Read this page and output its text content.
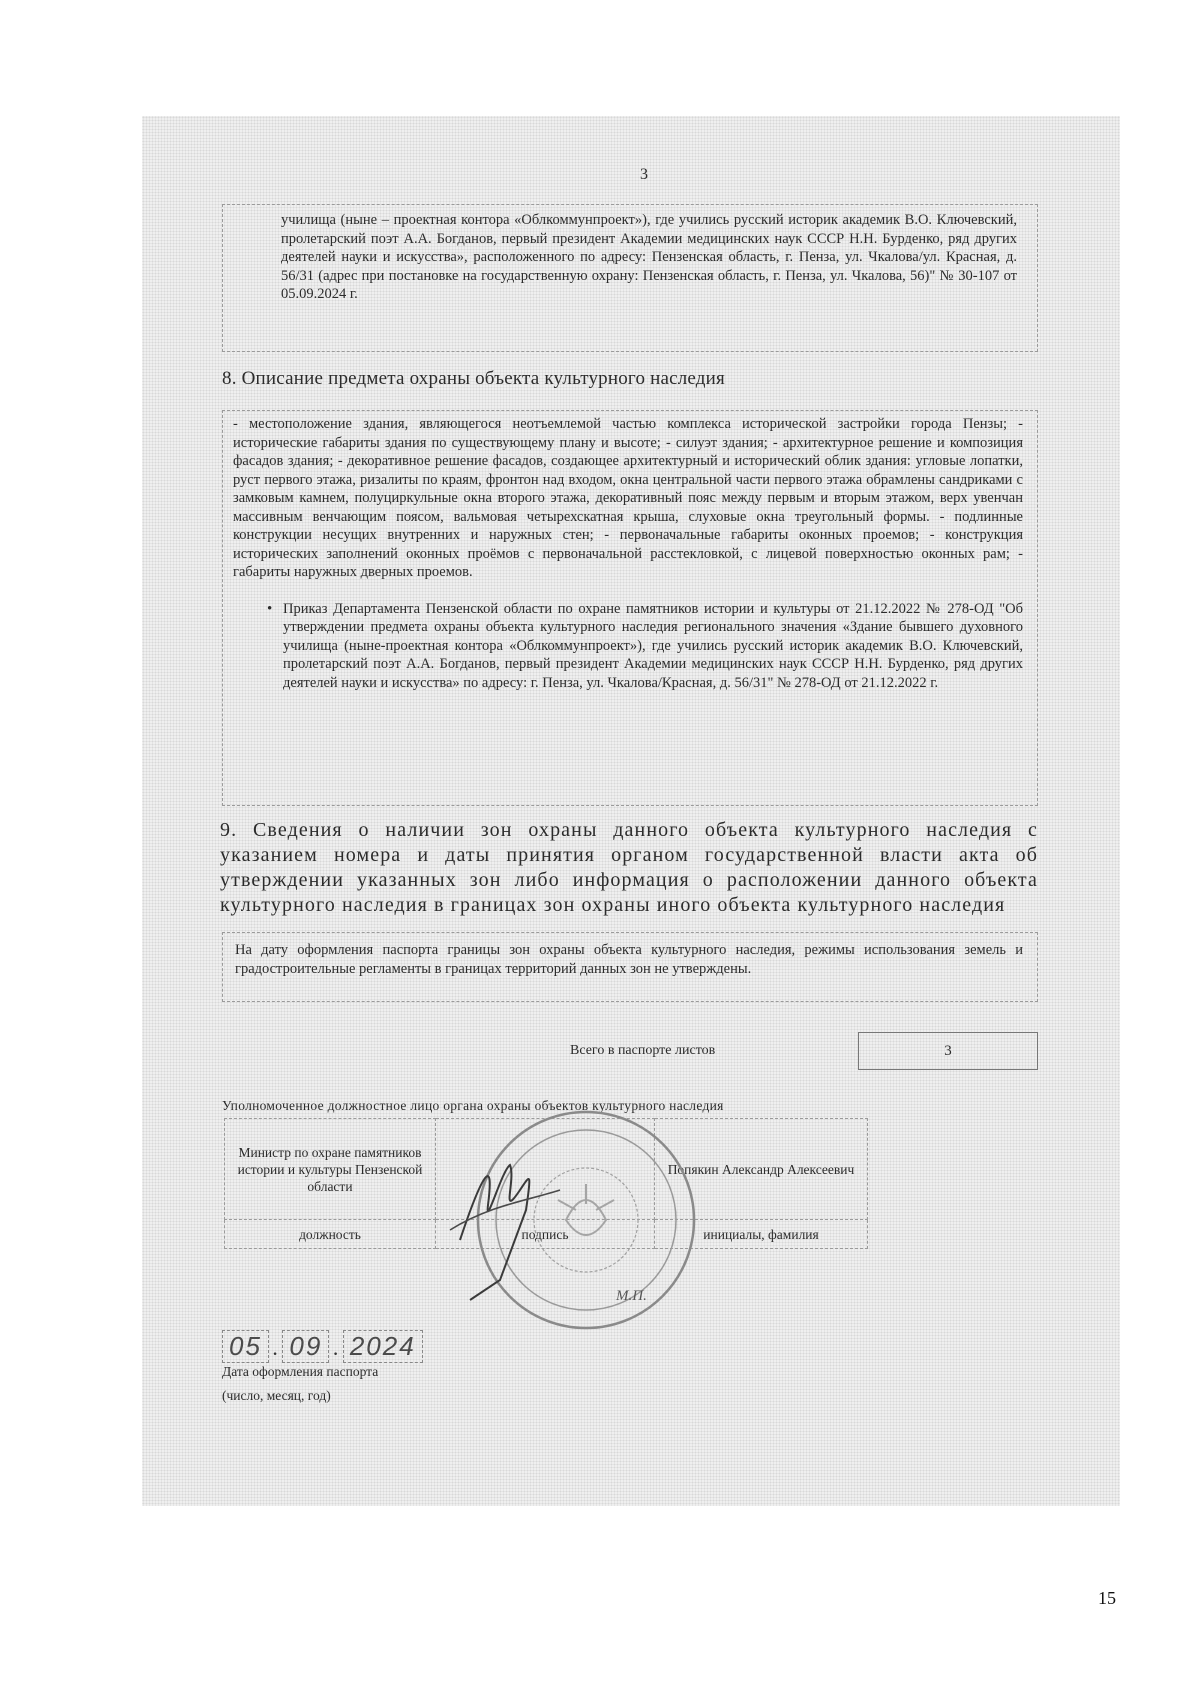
3

училища (ныне – проектная контора «Облкоммунпроект»), где учились русский историк академик В.О. Ключевский, пролетарский поэт А.А. Богданов, первый президент Академии медицинских наук СССР Н.Н. Бурденко, ряд других деятелей науки и искусства», расположенного по адресу: Пензенская область, г. Пенза, ул. Чкалова/ул. Красная, д. 56/31 (адрес при постановке на государственную охрану: Пензенская область, г. Пенза, ул. Чкалова, 56)" № 30-107 от 05.09.2024 г.

8. Описание предмета охраны объекта культурного наследия

- местоположение здания, являющегося неотъемлемой частью комплекса исторической застройки города Пензы; - исторические габариты здания по существующему плану и высоте; - силуэт здания; - архитектурное решение и композиция фасадов здания; - декоративное решение фасадов, создающее архитектурный и исторический облик здания: угловые лопатки, руст первого этажа, ризалиты по краям, фронтон над входом, окна центральной части первого этажа обрамлены сандриками с замковым камнем, полуциркульные окна второго этажа, декоративный пояс между первым и вторым этажом, верх увенчан массивным венчающим поясом, вальмовая четырехскатная крыша, слуховые окна треугольный формы. - подлинные конструкции несущих внутренних и наружных стен; - первоначальные габариты оконных проемов; - конструкция исторических заполнений оконных проёмов с первоначальной расстекловкой, с лицевой поверхностью оконных рам; - габариты наружных дверных проемов.

• Приказ Департамента Пензенской области по охране памятников истории и культуры от 21.12.2022 № 278-ОД "Об утверждении предмета охраны объекта культурного наследия регионального значения «Здание бывшего духовного училища (ныне-проектная контора «Облкоммунпроект»), где учились русский историк академик В.О. Ключевский, пролетарский поэт А.А. Богданов, первый президент Академии медицинских наук СССР Н.Н. Бурденко, ряд других деятелей науки и искусства» по адресу: г. Пенза, ул. Чкалова/Красная, д. 56/31" № 278-ОД от 21.12.2022 г.

9. Сведения о наличии зон охраны данного объекта культурного наследия с указанием номера и даты принятия органом государственной власти акта об утверждении указанных зон либо информация о расположении данного объекта культурного наследия в границах зон охраны иного объекта культурного наследия

На дату оформления паспорта границы зон охраны объекта культурного наследия, режимы использования земель и градостроительные регламенты в границах территорий данных зон не утверждены.

Всего в паспорте листов	3
Уполномоченное должностное лицо органа охраны объектов культурного наследия
Министр по охране памятников истории и культуры Пензенской области		Попякин Александр Алексеевич
должность	подпись	инициалы, фамилия
М.П.
05 . 09 . 2024
Дата оформления паспорта
(число, месяц, год)
15
